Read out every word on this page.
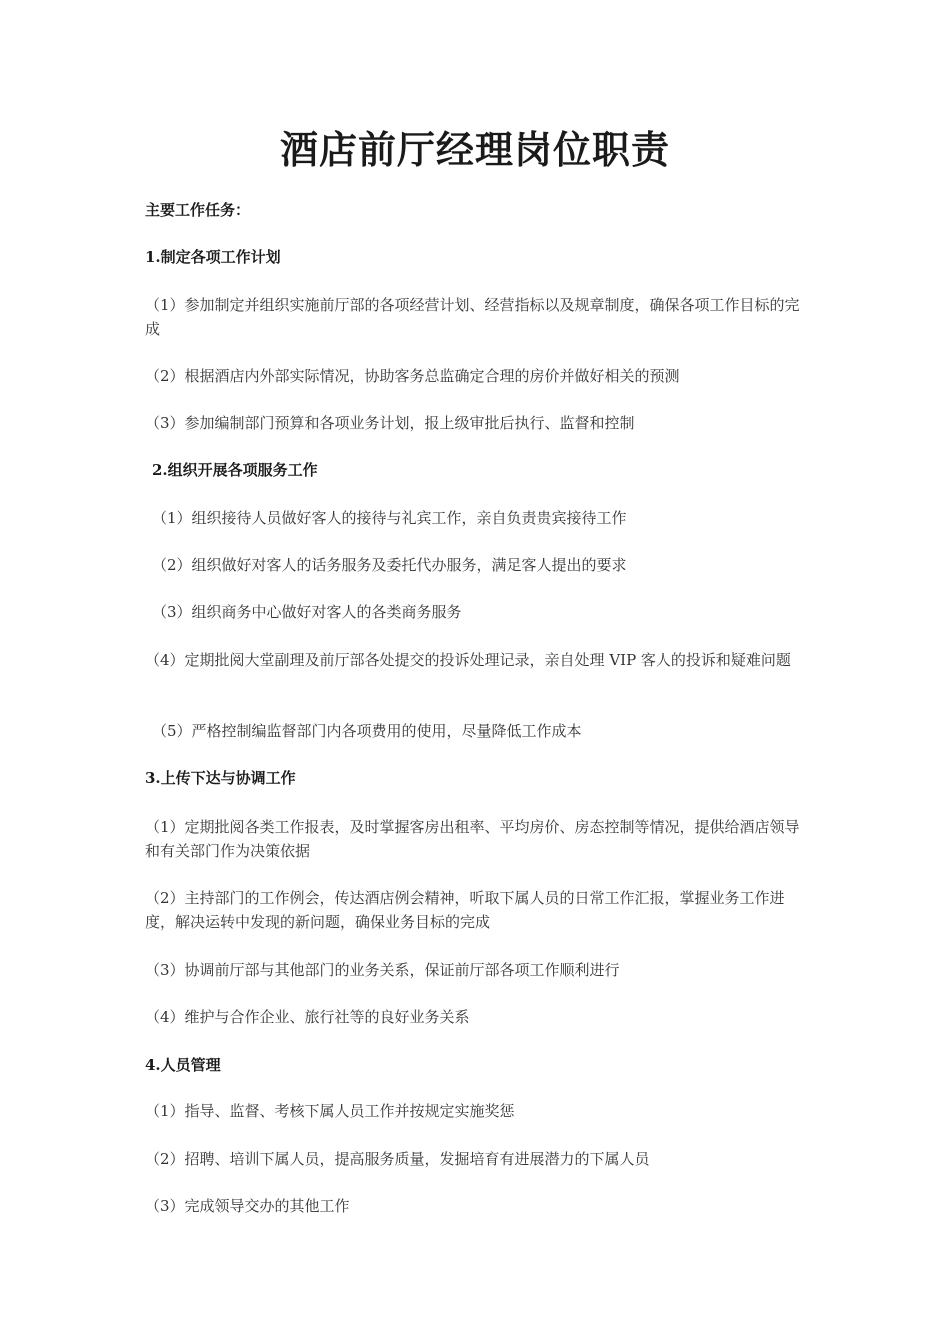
酒店前厅经理岗位职责
主要工作任务：
1.制定各项工作计划
（1）参加制定并组织实施前厅部的各项经营计划、经营指标以及规章制度，确保各项工作目标的完成
（2）根据酒店内外部实际情况，协助客务总监确定合理的房价并做好相关的预测
（3）参加编制部门预算和各项业务计划，报上级审批后执行、监督和控制
2.组织开展各项服务工作
（1）组织接待人员做好客人的接待与礼宾工作，亲自负责贵宾接待工作
（2）组织做好对客人的话务服务及委托代办服务，满足客人提出的要求
（3）组织商务中心做好对客人的各类商务服务
（4）定期批阅大堂副理及前厅部各处提交的投诉处理记录，亲自处理 VIP 客人的投诉和疑难问题
（5）严格控制编监督部门内各项费用的使用，尽量降低工作成本
3.上传下达与协调工作
（1）定期批阅各类工作报表，及时掌握客房出租率、平均房价、房态控制等情况，提供给酒店领导和有关部门作为决策依据
（2）主持部门的工作例会，传达酒店例会精神，听取下属人员的日常工作汇报，掌握业务工作进度，解决运转中发现的新问题，确保业务目标的完成
（3）协调前厅部与其他部门的业务关系，保证前厅部各项工作顺利进行
（4）维护与合作企业、旅行社等的良好业务关系
4.人员管理
（1）指导、监督、考核下属人员工作并按规定实施奖惩
（2）招聘、培训下属人员，提高服务质量，发掘培育有进展潜力的下属人员
（3）完成领导交办的其他工作
